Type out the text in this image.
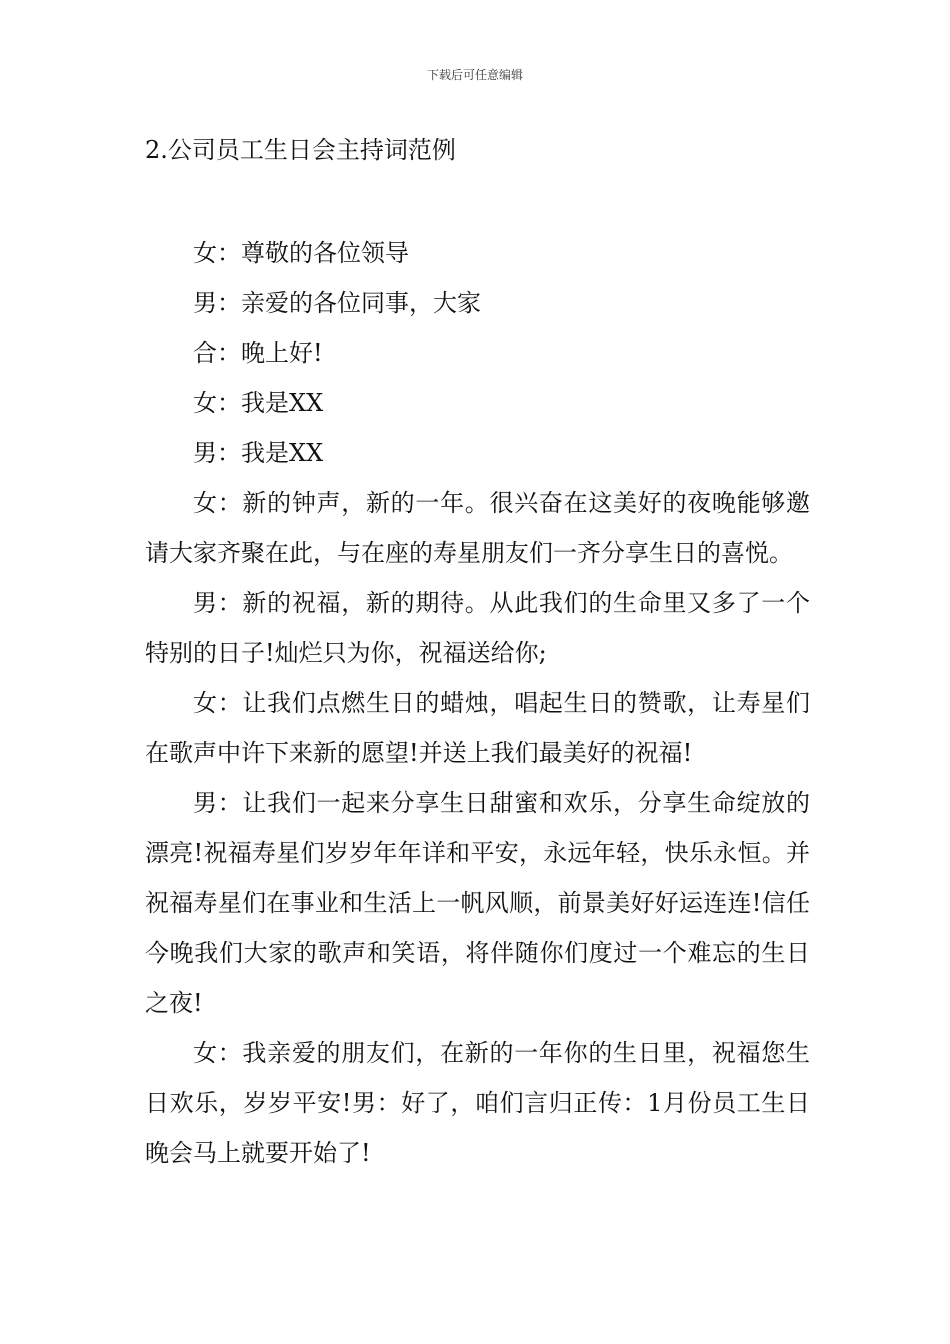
下载后可任意编辑
2.公司员工生日会主持词范例

女：尊敬的各位领导

男：亲爱的各位同事，大家

合：晚上好!

女：我是XX

男：我是XX

女：新的钟声，新的一年。很兴奋在这美好的夜晚能够邀请大家齐聚在此，与在座的寿星朋友们一齐分享生日的喜悦。

男：新的祝福，新的期待。从此我们的生命里又多了一个特别的日子!灿烂只为你，祝福送给你;

女：让我们点燃生日的蜡烛，唱起生日的赞歌，让寿星们在歌声中许下来新的愿望!并送上我们最美好的祝福!

男：让我们一起来分享生日甜蜜和欢乐，分享生命绽放的漂亮!祝福寿星们岁岁年年详和平安，永远年轻，快乐永恒。并祝福寿星们在事业和生活上一帆风顺，前景美好好运连连!信任今晚我们大家的歌声和笑语，将伴随你们度过一个难忘的生日之夜!

女：我亲爱的朋友们，在新的一年你的生日里，祝福您生日欢乐，岁岁平安!男：好了，咱们言归正传：1月份员工生日晚会马上就要开始了!
